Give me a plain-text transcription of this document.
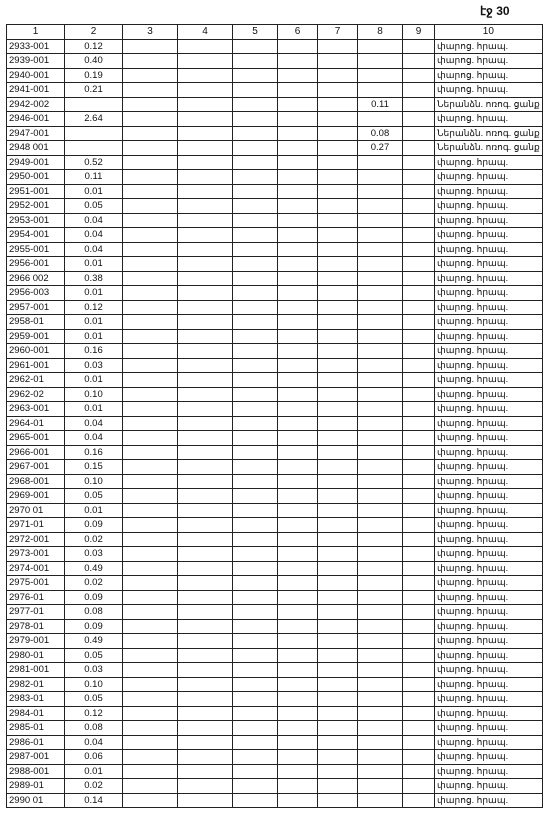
էջ 30
1	2	3	4	5	6	7	8	9	10
2933-001	0.12								փարոց. հրապ.
2939-001	0.40								փարոց. հրապ.
2940-001	0.19								փարոց. հրապ.
2941-001	0.21								փարոց. հրապ.
2942-002							0.11		Ներանձն. ոռոգ. ցանք
2946-001	2.64								փարոց. հրապ.
2947-001							0.08		Ներանձն. ոռոգ. ցանք
2948 001							0.27		Ներանձն. ոռոգ. ցանք
2949-001	0.52								փարոց. հրապ.
2950-001	0.11								փարոց. հրապ.
2951-001	0.01								փարոց. հրապ.
2952-001	0.05								փարոց. հրապ.
2953-001	0.04								փարոց. հրապ.
2954-001	0.04								փարոց. հրապ.
2955-001	0.04								փարոց. հրապ.
2956-001	0.01								փարոց. հրապ.
2966 002	0.38								փարոց. հրապ.
2956-003	0.01								փարոց. հրապ.
2957-001	0.12								փարոց. հրապ.
2958-01	0.01								փարոց. հրապ.
2959-001	0.01								փարոց. հրապ.
2960-001	0.16								փարոց. հրապ.
2961-001	0.03								փարոց. հրապ.
2962-01	0.01								փարոց. հրապ.
2962-02	0.10								փարոց. հրապ.
2963-001	0.01								փարոց. հրապ.
2964-01	0.04								փարոց. հրապ.
2965-001	0.04								փարոց. հրապ.
2966-001	0.16								փարոց. հրապ.
2967-001	0.15								փարոց. հրապ.
2968-001	0.10								փարոց. հրապ.
2969-001	0.05								փարոց. հրապ.
2970 01	0.01								փարոց. հրապ.
2971-01	0.09								փարոց. հրապ.
2972-001	0.02								փարոց. հրապ.
2973-001	0.03								փարոց. հրապ.
2974-001	0.49								փարոց. հրապ.
2975-001	0.02								փարոց. հրապ.
2976-01	0.09								փարոց. հրապ.
2977-01	0.08								փարոց. հրապ.
2978-01	0.09								փարոց. հրապ.
2979-001	0.49								փարոց. հրապ.
2980-01	0.05								փարոց. հրապ.
2981-001	0.03								փարոց. հրապ.
2982-01	0.10								փարոց. հրապ.
2983-01	0.05								փարոց. հրապ.
2984-01	0.12								փարոց. հրապ.
2985-01	0.08								փարոց. հրապ.
2986-01	0.04								փարոց. հրապ.
2987-001	0.06								փարոց. հրապ.
2988-001	0.01								փարոց. հրապ.
2989-01	0.02								փարոց. հրապ.
2990 01	0.14								փարոց. հրապ.
